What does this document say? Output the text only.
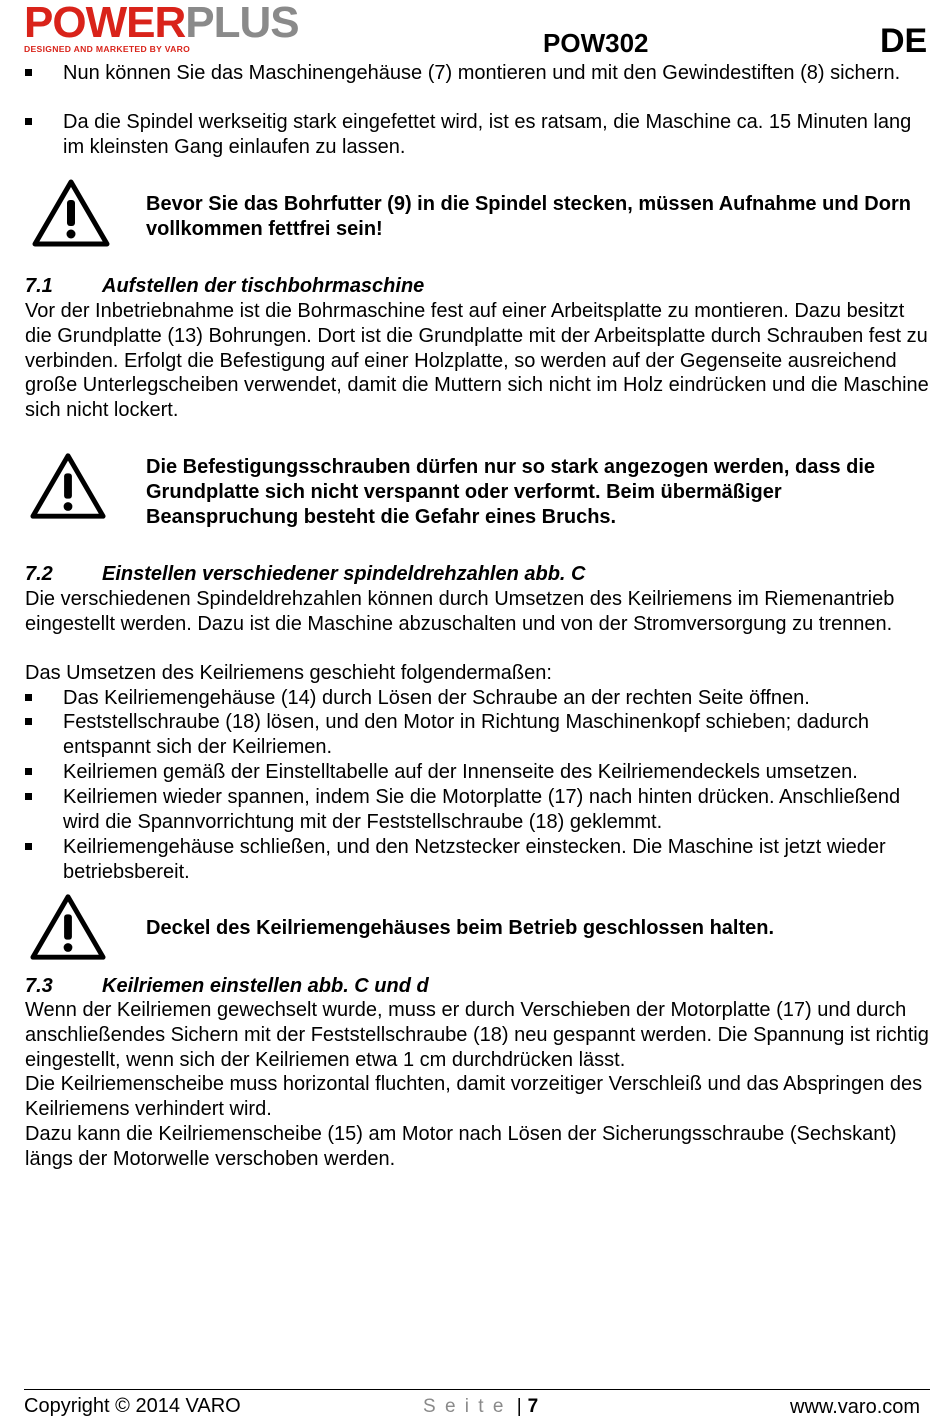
POWERPLUS
DESIGNED AND MARKETED BY VARO	POW302	DE
Nun können Sie das Maschinengehäuse (7) montieren und mit den Gewindestiften (8) sichern.
Da die Spindel werkseitig stark eingefettet wird, ist es ratsam, die Maschine ca. 15 Minuten lang im kleinsten Gang einlaufen zu lassen.
Bevor Sie das Bohrfutter (9) in die Spindel stecken, müssen Aufnahme und Dorn vollkommen fettfrei sein!
7.1 Aufstellen der tischbohrmaschine
Vor der Inbetriebnahme ist die Bohrmaschine fest auf einer Arbeitsplatte zu montieren. Dazu besitzt die Grundplatte (13) Bohrungen. Dort ist die Grundplatte mit der Arbeitsplatte durch Schrauben fest zu verbinden. Erfolgt die Befestigung auf einer Holzplatte, so werden auf der Gegenseite ausreichend große Unterlegscheiben verwendet, damit die Muttern sich nicht im Holz eindrücken und die Maschine sich nicht lockert.
Die Befestigungsschrauben dürfen nur so stark angezogen werden, dass die Grundplatte sich nicht verspannt oder verformt. Beim übermäßiger Beanspruchung besteht die Gefahr eines Bruchs.
7.2 Einstellen verschiedener spindeldrehzahlen abb. C
Die verschiedenen Spindeldrehzahlen können durch Umsetzen des Keilriemens im Riemenantrieb eingestellt werden. Dazu ist die Maschine abzuschalten und von der Stromversorgung zu trennen.
Das Umsetzen des Keilriemens geschieht folgendermaßen:
Das Keilriemengehäuse (14) durch Lösen der Schraube an der rechten Seite öffnen.
Feststellschraube (18) lösen, und den Motor in Richtung Maschinenkopf schieben; dadurch entspannt sich der Keilriemen.
Keilriemen gemäß der Einstelltabelle auf der Innenseite des Keilriemendeckels umsetzen.
Keilriemen wieder spannen, indem Sie die Motorplatte (17) nach hinten drücken. Anschließend wird die Spannvorrichtung mit der Feststellschraube (18) geklemmt.
Keilriemengehäuse schließen, und den Netzstecker einstecken. Die Maschine ist jetzt wieder betriebsbereit.
Deckel des Keilriemengehäuses beim Betrieb geschlossen halten.
7.3 Keilriemen einstellen abb. C und d
Wenn der Keilriemen gewechselt wurde, muss er durch Verschieben der Motorplatte (17) und durch anschließendes Sichern mit der Feststellschraube (18) neu gespannt werden. Die Spannung ist richtig eingestellt, wenn sich der Keilriemen etwa 1 cm durchdrücken lässt.
Die Keilriemenscheibe muss horizontal fluchten, damit vorzeitiger Verschleiß und das Abspringen des Keilriemens verhindert wird.
Dazu kann die Keilriemenscheibe (15) am Motor nach Lösen der Sicherungsschraube (Sechskant) längs der Motorwelle verschoben werden.
Copyright © 2014 VARO	S e i t e | 7	www.varo.com
